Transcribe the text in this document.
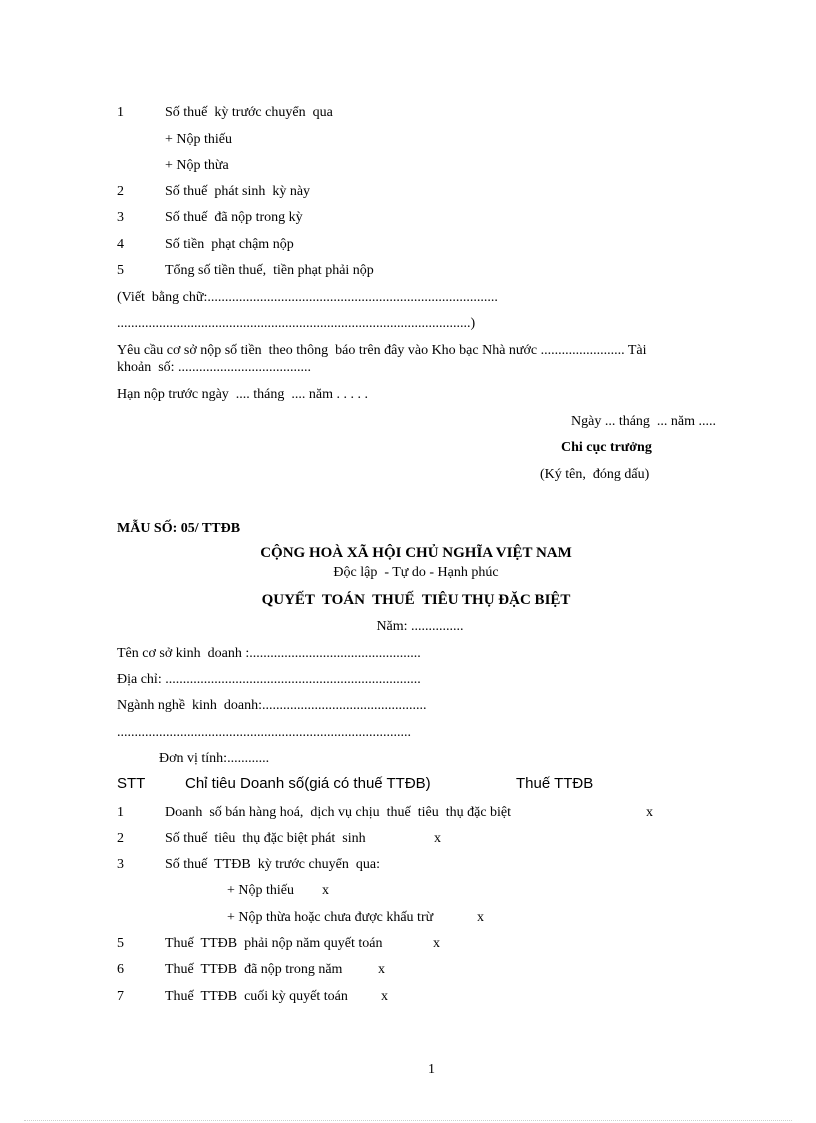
1	Số thuế  kỳ trước chuyển  qua
+ Nộp thiếu
+ Nộp thừa
2	Số thuế  phát sinh  kỳ này
3	Số thuế  đã nộp trong kỳ
4	Số tiền  phạt chậm nộp
5	Tổng số tiền thuế,  tiền phạt phải nộp
(Viết  bằng chữ:...................................................................................
.....................................................................................................)
Yêu cầu cơ sở nộp số tiền  theo thông  báo trên đây vào Kho bạc Nhà nước ........................ Tài
khoản  số: ......................................
Hạn nộp trước ngày  .... tháng  .... năm . . . . .
Ngày ... tháng  ... năm .....
Chi cục trưởng
(Ký tên,  đóng dấu)
MẪU SỐ: 05/ TTĐB
CỘNG HOÀ XÃ HỘI CHỦ NGHĨA VIỆT NAM
Độc lập  - Tự do - Hạnh phúc
QUYẾT  TOÁN  THUẾ  TIÊU THỤ ĐẶC BIỆT
Năm: ...............
Tên cơ sở kinh  doanh :.................................................
Địa chỉ: .........................................................................
Ngành nghề  kinh  doanh:...............................................
....................................................................................
Đơn vị tính:............
STT	Chỉ tiêu Doanh số(giá có thuế TTĐB)	Thuế TTĐB
1	Doanh  số bán hàng hoá,  dịch vụ chịu  thuế  tiêu  thụ đặc biệt	x
2	Số thuế  tiêu  thụ đặc biệt phát  sinh	x
3	Số thuế  TTĐB  kỳ trước chuyển  qua:
+ Nộp thiếu x
+ Nộp thừa hoặc chưa được khấu trừ	x
5	Thuế  TTĐB  phải nộp năm quyết toán	x
6	Thuế  TTĐB  đã nộp trong năm	x
7	Thuế  TTĐB  cuối kỳ quyết toán x
1
